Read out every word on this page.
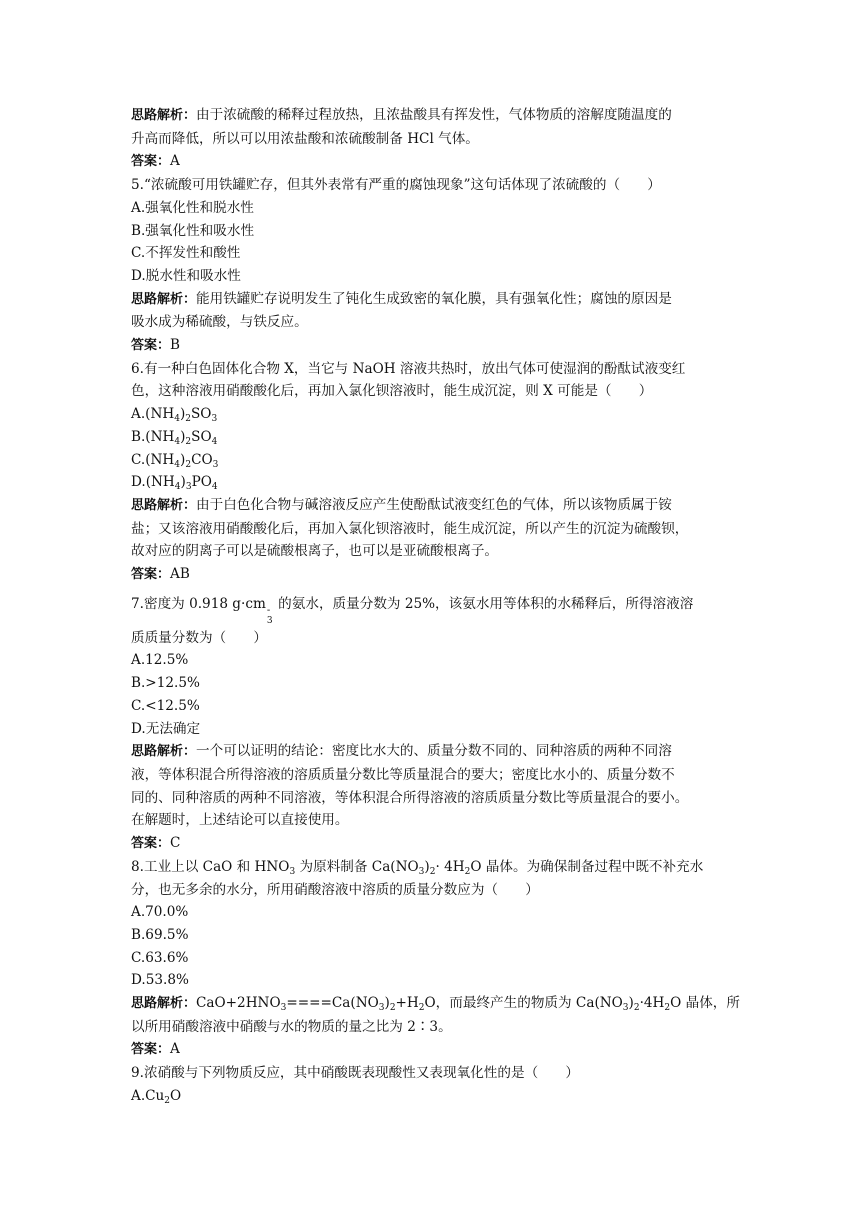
思路解析：由于浓硫酸的稀释过程放热，且浓盐酸具有挥发性，气体物质的溶解度随温度的
升高而降低，所以可以用浓盐酸和浓硫酸制备 HCl 气体。
答案：A
5.“浓硫酸可用铁罐贮存，但其外表常有严重的腐蚀现象”这句话体现了浓硫酸的（　　）
A.强氧化性和脱水性
B.强氧化性和吸水性
C.不挥发性和酸性
D.脱水性和吸水性
思路解析：能用铁罐贮存说明发生了钝化生成致密的氧化膜，具有强氧化性；腐蚀的原因是
吸水成为稀硫酸，与铁反应。
答案：B
6.有一种白色固体化合物 X，当它与 NaOH 溶液共热时，放出气体可使湿润的酚酞试液变红
色，这种溶液用硝酸酸化后，再加入氯化钡溶液时，能生成沉淀，则 X 可能是（　　）
$A.(NH_4)_2SO_3$
$B.(NH_4)_2SO_4$
$C.(NH_4)_2CO_3$
$D.(NH_4)_3PO_4$
思路解析：由于白色化合物与碱溶液反应产生使酚酞试液变红色的气体，所以该物质属于铵
盐；又该溶液用硝酸酸化后，再加入氯化钡溶液时，能生成沉淀，所以产生的沉淀为硫酸钡，
故对应的阴离子可以是硫酸根离子，也可以是亚硫酸根离子。
答案：AB
7.密度为 0.918 g·cm -
3
的氨水，质量分数为 25%，该氨水用等体积的水稀释后，所得溶液溶
质质量分数为（　　）
A.12.5%
B.>12.5%
C.<12.5%
D.无法确定
思路解析：一个可以证明的结论：密度比水大的、质量分数不同的、同种溶质的两种不同溶
液，等体积混合所得溶液的溶质质量分数比等质量混合的要大；密度比水小的、质量分数不
同的、同种溶质的两种不同溶液，等体积混合所得溶液的溶质质量分数比等质量混合的要小。
在解题时，上述结论可以直接使用。
答案：C
8.工业上以 CaO 和 $HNO_3$ 为原料制备 $Ca(NO_3)_2\cdot 4H_2O$ 晶体。为确保制备过程中既不补充水
分，也无多余的水分，所用硝酸溶液中溶质的质量分数应为（　　）
A.70.0%
B.69.5%
C.63.6%
D.53.8%
思路解析：$CaO+2HNO_3====Ca(NO_3)_2+H_2O$，而最终产生的物质为 $Ca(NO_3)_2\cdot 4H_2O$ 晶体，所
以所用硝酸溶液中硝酸与水的物质的量之比为 2∶3。
答案：A
9.浓硝酸与下列物质反应，其中硝酸既表现酸性又表现氧化性的是（　　）
$A.Cu_2O$
